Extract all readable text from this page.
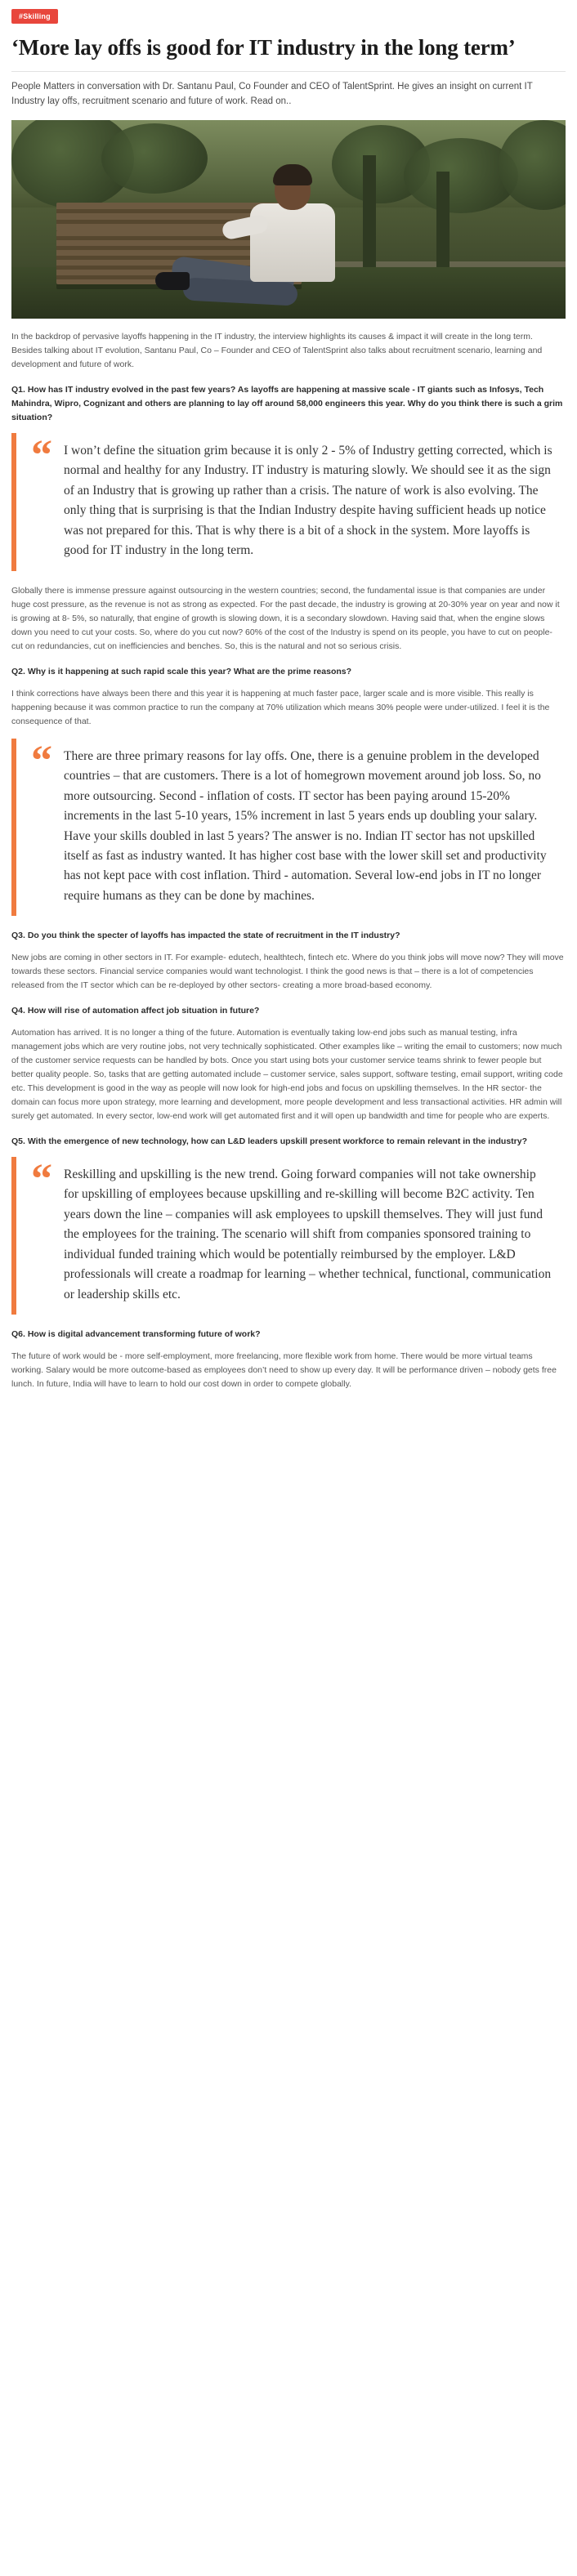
#Skilling
‘More lay offs is good for IT industry in the long term’
People Matters in conversation with Dr. Santanu Paul, Co Founder and CEO of TalentSprint. He gives an insight on current IT Industry lay offs, recruitment scenario and future of work. Read on..

In the backdrop of pervasive layoffs happening in the IT industry, the interview highlights its causes & impact it will create in the long term. Besides talking about IT evolution, Santanu Paul, Co – Founder and CEO of TalentSprint also talks about recruitment scenario, learning and development and future of work.

Q1. How has IT industry evolved in the past few years? As layoffs are happening at massive scale - IT giants such as Infosys, Tech Mahindra, Wipro, Cognizant and others are planning to lay off around 58,000 engineers this year. Why do you think there is such a grim situation?

“ I won’t define the situation grim because it is only 2 - 5% of Industry getting corrected, which is normal and healthy for any Industry. IT industry is maturing slowly. We should see it as the sign of an Industry that is growing up rather than a crisis. The nature of work is also evolving. The only thing that is surprising is that the Indian Industry despite having sufficient heads up notice was not prepared for this. That is why there is a bit of a shock in the system. More layoffs is good for IT industry in the long term.

Globally there is immense pressure against outsourcing in the western countries; second, the fundamental issue is that companies are under huge cost pressure, as the revenue is not as strong as expected. For the past decade, the industry is growing at 20-30% year on year and now it is growing at 8- 5%, so naturally, that engine of growth is slowing down, it is a secondary slowdown. Having said that, when the engine slows down you need to cut your costs. So, where do you cut now? 60% of the cost of the Industry is spend on its people, you have to cut on people- cut on redundancies, cut on inefficiencies and benches. So, this is the natural and not so serious crisis.

Q2. Why is it happening at such rapid scale this year? What are the prime reasons?

I think corrections have always been there and this year it is happening at much faster pace, larger scale and is more visible. This really is happening because it was common practice to run the company at 70% utilization which means 30% people were under-utilized. I feel it is the consequence of that.

“ There are three primary reasons for lay offs. One, there is a genuine problem in the developed countries – that are customers. There is a lot of homegrown movement around job loss. So, no more outsourcing. Second - inflation of costs. IT sector has been paying around 15-20% increments in the last 5-10 years, 15% increment in last 5 years ends up doubling your salary. Have your skills doubled in last 5 years? The answer is no. Indian IT sector has not upskilled itself as fast as industry wanted. It has higher cost base with the lower skill set and productivity has not kept pace with cost inflation. Third - automation. Several low-end jobs in IT no longer require humans as they can be done by machines.

Q3. Do you think the specter of layoffs has impacted the state of recruitment in the IT industry?

New jobs are coming in other sectors in IT. For example- edutech, healthtech, fintech etc. Where do you think jobs will move now? They will move towards these sectors. Financial service companies would want technologist. I think the good news is that – there is a lot of competencies released from the IT sector which can be re-deployed by other sectors- creating a more broad-based economy.

Q4. How will rise of automation affect job situation in future?

Automation has arrived. It is no longer a thing of the future. Automation is eventually taking low-end jobs such as manual testing, infra management jobs which are very routine jobs, not very technically sophisticated. Other examples like – writing the email to customers; now much of the customer service requests can be handled by bots. Once you start using bots your customer service teams shrink to fewer people but better quality people. So, tasks that are getting automated include – customer service, sales support, software testing, email support, writing code etc. This development is good in the way as people will now look for high-end jobs and focus on upskilling themselves. In the HR sector- the domain can focus more upon strategy, more learning and development, more people development and less transactional activities. HR admin will surely get automated. In every sector, low-end work will get automated first and it will open up bandwidth and time for people who are experts.

Q5. With the emergence of new technology, how can L&D leaders upskill present workforce to remain relevant in the industry?

“ Reskilling and upskilling is the new trend. Going forward companies will not take ownership for upskilling of employees because upskilling and re-skilling will become B2C activity. Ten years down the line – companies will ask employees to upskill themselves. They will just fund the employees for the training. The scenario will shift from companies sponsored training to individual funded training which would be potentially reimbursed by the employer. L&D professionals will create a roadmap for learning – whether technical, functional, communication or leadership skills etc.

Q6. How is digital advancement transforming future of work?

The future of work would be - more self-employment, more freelancing, more flexible work from home. There would be more virtual teams working. Salary would be more outcome-based as employees don’t need to show up every day. It will be performance driven – nobody gets free lunch. In future, India will have to learn to hold our cost down in order to compete globally.
